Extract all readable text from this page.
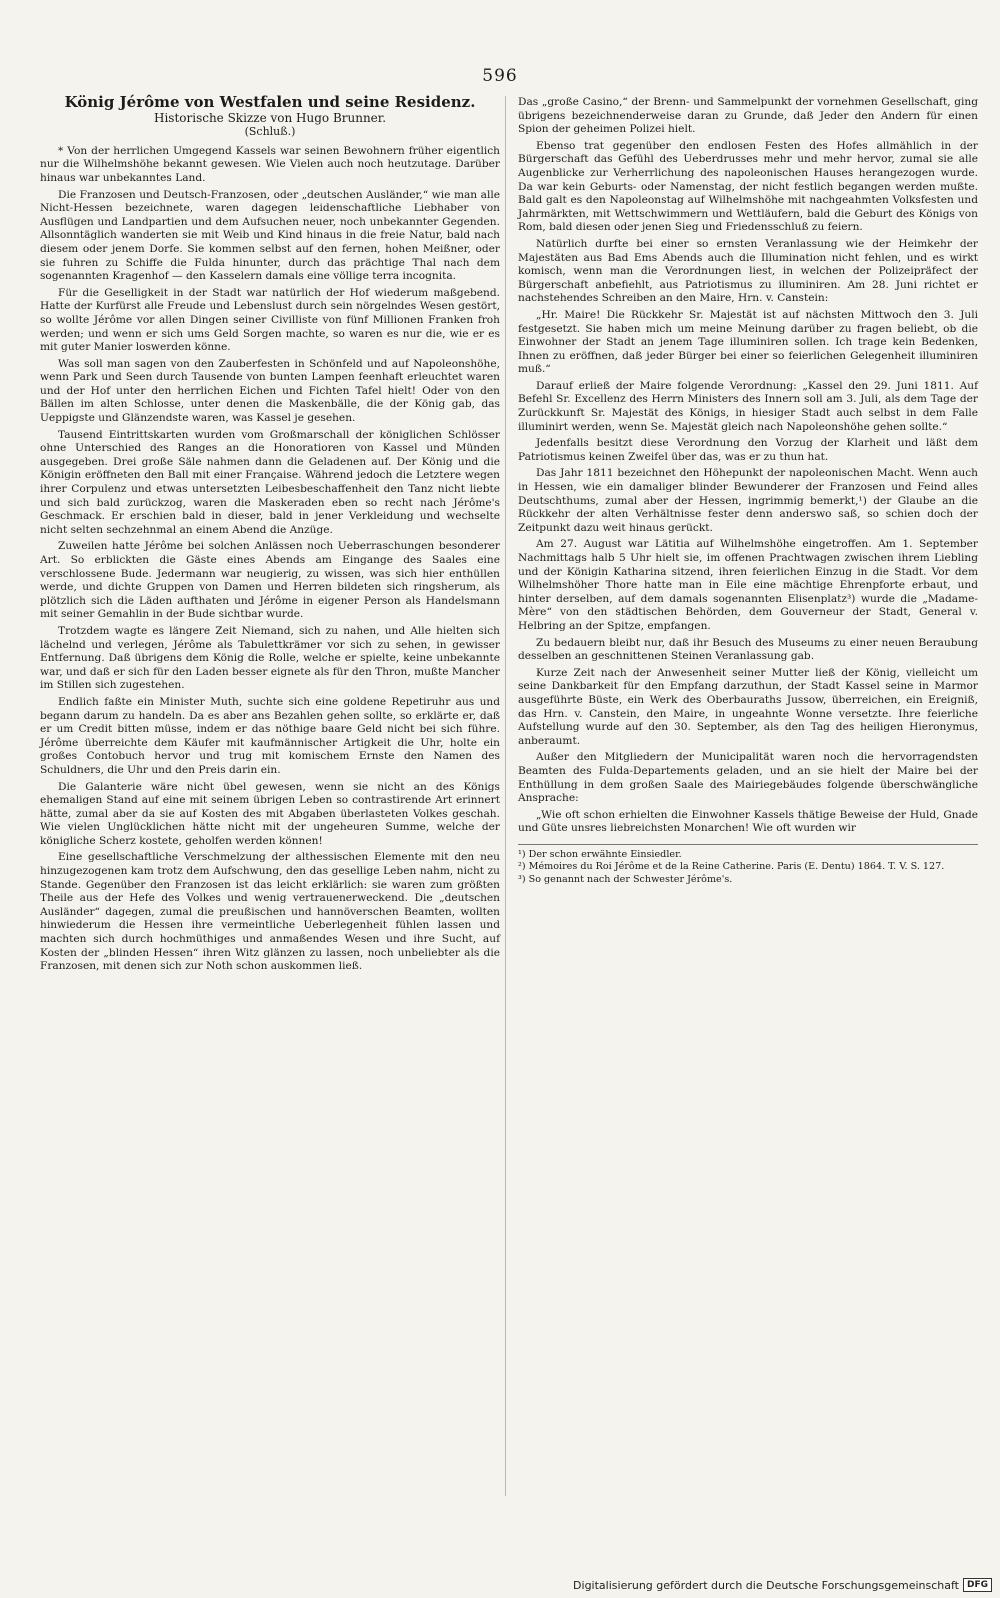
596
König Jérôme von Westfalen und seine Residenz.
Historische Skizze von Hugo Brunner.
(Schluß.)

* Von der herrlichen Umgegend Kassels war seinen Bewohnern früher eigentlich nur die Wilhelmshöhe bekannt gewesen. Wie Vielen auch noch heutzutage. Darüber hinaus war unbekanntes Land.

Die Franzosen und Deutsch-Franzosen, oder „deutschen Ausländer,“ wie man alle Nicht-Hessen bezeichnete, waren dagegen leidenschaftliche Liebhaber von Ausflügen und Landpartien und dem Aufsuchen neuer, noch unbekannter Gegenden. Allsonntäglich wanderten sie mit Weib und Kind hinaus in die freie Natur, bald nach diesem oder jenem Dorfe. Sie kommen selbst auf den fernen, hohen Meißner, oder sie fuhren zu Schiffe die Fulda hinunter, durch das prächtige Thal nach dem sogenannten Kragenhof — den Kasselern damals eine völlige terra incognita.

Für die Geselligkeit in der Stadt war natürlich der Hof wiederum maßgebend. Hatte der Kurfürst alle Freude und Lebenslust durch sein nörgelndes Wesen gestört, so wollte Jérôme vor allen Dingen seiner Civilliste von fünf Millionen Franken froh werden; und wenn er sich ums Geld Sorgen machte, so waren es nur die, wie er es mit guter Manier loswerden könne.

Was soll man sagen von den Zauberfesten in Schönfeld und auf Napoleonshöhe, wenn Park und Seen durch Tausende von bunten Lampen feenhaft erleuchtet waren und der Hof unter den herrlichen Eichen und Fichten Tafel hielt! Oder von den Bällen im alten Schlosse, unter denen die Maskenbälle, die der König gab, das Ueppigste und Glänzendste waren, was Kassel je gesehen.

Tausend Eintrittskarten wurden vom Großmarschall der königlichen Schlösser ohne Unterschied des Ranges an die Honoratioren von Kassel und Münden ausgegeben. Drei große Säle nahmen dann die Geladenen auf. Der König und die Königin eröffneten den Ball mit einer Française. Während jedoch die Letztere wegen ihrer Corpulenz und etwas untersetzten Leibesbeschaffenheit den Tanz nicht liebte und sich bald zurückzog, waren die Maskeraden eben so recht nach Jérôme's Geschmack. Er erschien bald in dieser, bald in jener Verkleidung und wechselte nicht selten sechzehnmal an einem Abend die Anzüge.

Zuweilen hatte Jérôme bei solchen Anlässen noch Ueberraschungen besonderer Art. So erblickten die Gäste eines Abends am Eingange des Saales eine verschlossene Bude. Jedermann war neugierig, zu wissen, was sich hier enthüllen werde, und dichte Gruppen von Damen und Herren bildeten sich ringsherum, als plötzlich sich die Läden aufthaten und Jérôme in eigener Person als Handelsmann mit seiner Gemahlin in der Bude sichtbar wurde.

Trotzdem wagte es längere Zeit Niemand, sich zu nahen, und Alle hielten sich lächelnd und verlegen, Jérôme als Tabulettkrämer vor sich zu sehen, in gewisser Entfernung. Daß übrigens dem König die Rolle, welche er spielte, keine unbekannte war, und daß er sich für den Laden besser eignete als für den Thron, mußte Mancher im Stillen sich zugestehen.

Endlich faßte ein Minister Muth, suchte sich eine goldene Repetiruhr aus und begann darum zu handeln. Da es aber ans Bezahlen gehen sollte, so erklärte er, daß er um Credit bitten müsse, indem er das nöthige baare Geld nicht bei sich führe. Jérôme überreichte dem Käufer mit kaufmännischer Artigkeit die Uhr, holte ein großes Contobuch hervor und trug mit komischem Ernste den Namen des Schuldners, die Uhr und den Preis darin ein.

Die Galanterie wäre nicht übel gewesen, wenn sie nicht an des Königs ehemaligen Stand auf eine mit seinem übrigen Leben so contrastirende Art erinnert hätte, zumal aber da sie auf Kosten des mit Abgaben überlasteten Volkes geschah. Wie vielen Unglücklichen hätte nicht mit der ungeheuren Summe, welche der königliche Scherz kostete, geholfen werden können!

Eine gesellschaftliche Verschmelzung der althessischen Elemente mit den neu hinzugezogenen kam trotz dem Aufschwung, den das gesellige Leben nahm, nicht zu Stande. Gegenüber den Franzosen ist das leicht erklärlich: sie waren zum größten Theile aus der Hefe des Volkes und wenig vertrauenerweckend. Die „deutschen Ausländer“ dagegen, zumal die preußischen und hannöverschen Beamten, wollten hinwiederum die Hessen ihre vermeintliche Ueberlegenheit fühlen lassen und machten sich durch hochmüthiges und anmaßendes Wesen und ihre Sucht, auf Kosten der „blinden Hessen“ ihren Witz glänzen zu lassen, noch unbeliebter als die Franzosen, mit denen sich zur Noth schon auskommen ließ.

Das „große Casino,“ der Brenn- und Sammelpunkt der vornehmen Gesellschaft, ging übrigens bezeichnenderweise daran zu Grunde, daß Jeder den Andern für einen Spion der geheimen Polizei hielt.

Ebenso trat gegenüber den endlosen Festen des Hofes allmählich in der Bürgerschaft das Gefühl des Ueberdrusses mehr und mehr hervor, zumal sie alle Augenblicke zur Verherrlichung des napoleonischen Hauses herangezogen wurde. Da war kein Geburts- oder Namenstag, der nicht festlich begangen werden mußte. Bald galt es den Napoleonstag auf Wilhelmshöhe mit nachgeahmten Volksfesten und Jahrmärkten, mit Wettschwimmern und Wettläufern, bald die Geburt des Königs von Rom, bald diesen oder jenen Sieg und Friedensschluß zu feiern.

Natürlich durfte bei einer so ernsten Veranlassung wie der Heimkehr der Majestäten aus Bad Ems Abends auch die Illumination nicht fehlen, und es wirkt komisch, wenn man die Verordnungen liest, in welchen der Polizeipräfect der Bürgerschaft anbefiehlt, aus Patriotismus zu illuminiren. Am 28. Juni richtet er nachstehendes Schreiben an den Maire, Hrn. v. Canstein:

„Hr. Maire! Die Rückkehr Sr. Majestät ist auf nächsten Mittwoch den 3. Juli festgesetzt. Sie haben mich um meine Meinung darüber zu fragen beliebt, ob die Einwohner der Stadt an jenem Tage illuminiren sollen. Ich trage kein Bedenken, Ihnen zu eröffnen, daß jeder Bürger bei einer so feierlichen Gelegenheit illuminiren muß.“

Darauf erließ der Maire folgende Verordnung: „Kassel den 29. Juni 1811. Auf Befehl Sr. Excellenz des Herrn Ministers des Innern soll am 3. Juli, als dem Tage der Zurückkunft Sr. Majestät des Königs, in hiesiger Stadt auch selbst in dem Falle illuminirt werden, wenn Se. Majestät gleich nach Napoleonshöhe gehen sollte.“

Jedenfalls besitzt diese Verordnung den Vorzug der Klarheit und läßt dem Patriotismus keinen Zweifel über das, was er zu thun hat.

Das Jahr 1811 bezeichnet den Höhepunkt der napoleonischen Macht. Wenn auch in Hessen, wie ein damaliger blinder Bewunderer der Franzosen und Feind alles Deutschthums, zumal aber der Hessen, ingrimmig bemerkt,¹) der Glaube an die Rückkehr der alten Verhältnisse fester denn anderswo saß, so schien doch der Zeitpunkt dazu weit hinaus gerückt.

Am 27. August war Lätitia auf Wilhelmshöhe eingetroffen. Am 1. September Nachmittags halb 5 Uhr hielt sie, im offenen Prachtwagen zwischen ihrem Liebling und der Königin Katharina sitzend, ihren feierlichen Einzug in die Stadt. Vor dem Wilhelmshöher Thore hatte man in Eile eine mächtige Ehrenpforte erbaut, und hinter derselben, auf dem damals sogenannten Elisenplatz³) wurde die „Madame-Mère“ von den städtischen Behörden, dem Gouverneur der Stadt, General v. Helbring an der Spitze, empfangen.

Zu bedauern bleibt nur, daß ihr Besuch des Museums zu einer neuen Beraubung desselben an geschnittenen Steinen Veranlassung gab.

Kurze Zeit nach der Anwesenheit seiner Mutter ließ der König, vielleicht um seine Dankbarkeit für den Empfang darzuthun, der Stadt Kassel seine in Marmor ausgeführte Büste, ein Werk des Oberbauraths Jussow, überreichen, ein Ereigniß, das Hrn. v. Canstein, den Maire, in ungeahnte Wonne versetzte. Ihre feierliche Aufstellung wurde auf den 30. September, als den Tag des heiligen Hieronymus, anberaumt.

Außer den Mitgliedern der Municipalität waren noch die hervorragendsten Beamten des Fulda-Departements geladen, und an sie hielt der Maire bei der Enthüllung in dem großen Saale des Mairiegebäudes folgende überschwängliche Ansprache:

„Wie oft schon erhielten die Einwohner Kassels thätige Beweise der Huld, Gnade und Güte unsres liebreichsten Monarchen! Wie oft wurden wir

¹) Der schon erwähnte Einsiedler.
²) Mémoires du Roi Jérôme et de la Reine Catherine. Paris (E. Dentu) 1864. T. V. S. 127.
³) So genannt nach der Schwester Jérôme's.
Digitalisierung gefördert durch die Deutsche Forschungsgemeinschaft DFG
